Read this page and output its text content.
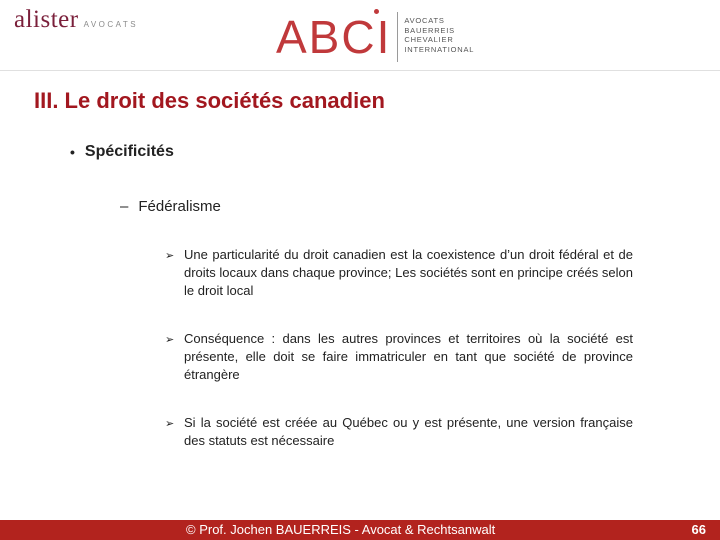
alister AVOCATS	ABCI AVOCATS
BAUERREIS
CHEVALIER
INTERNATIONAL
III. Le droit des sociétés canadien
• Spécificités
– Fédéralisme
➢ Une particularité du droit canadien est la coexistence d’un droit fédéral et de droits locaux dans chaque province; Les sociétés sont en principe créés selon le droit local
➢ Conséquence : dans les autres provinces et territoires où la société est présente, elle doit se faire immatriculer en tant que société de province étrangère
➢ Si la société est créée au Québec ou y est présente, une version française des statuts est nécessaire
© Prof. Jochen BAUERREIS - Avocat & Rechtsanwalt	66
